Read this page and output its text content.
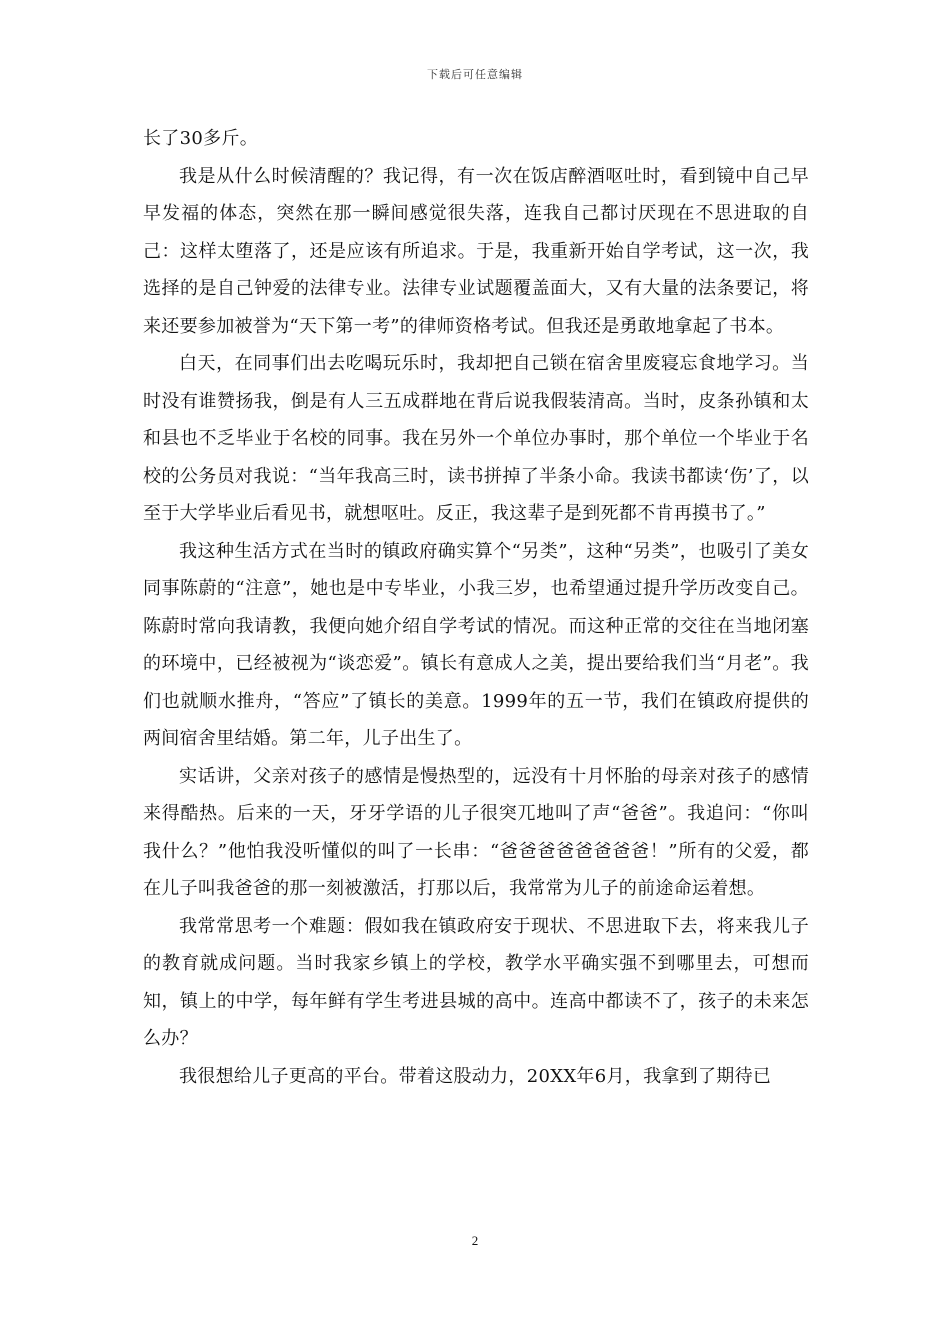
下载后可任意编辑

长了30多斤。

我是从什么时候清醒的？我记得，有一次在饭店醉酒呕吐时，看到镜中自己早早发福的体态，突然在那一瞬间感觉很失落，连我自己都讨厌现在不思进取的自己：这样太堕落了，还是应该有所追求。于是，我重新开始自学考试，这一次，我选择的是自己钟爱的法律专业。法律专业试题覆盖面大，又有大量的法条要记，将来还要参加被誉为“天下第一考”的律师资格考试。但我还是勇敢地拿起了书本。

白天，在同事们出去吃喝玩乐时，我却把自己锁在宿舍里废寝忘食地学习。当时没有谁赞扬我，倒是有人三五成群地在背后说我假装清高。当时，皮条孙镇和太和县也不乏毕业于名校的同事。我在另外一个单位办事时，那个单位一个毕业于名校的公务员对我说：“当年我高三时，读书拼掉了半条小命。我读书都读‘伤’了，以至于大学毕业后看见书，就想呕吐。反正，我这辈子是到死都不肯再摸书了。”

我这种生活方式在当时的镇政府确实算个“另类”，这种“另类”，也吸引了美女同事陈蔚的“注意”，她也是中专毕业，小我三岁，也希望通过提升学历改变自己。陈蔚时常向我请教，我便向她介绍自学考试的情况。而这种正常的交往在当地闭塞的环境中，已经被视为“谈恋爱”。镇长有意成人之美，提出要给我们当“月老”。我们也就顺水推舟，“答应”了镇长的美意。1999年的五一节，我们在镇政府提供的两间宿舍里结婚。第二年，儿子出生了。

实话讲，父亲对孩子的感情是慢热型的，远没有十月怀胎的母亲对孩子的感情来得酷热。后来的一天，牙牙学语的儿子很突兀地叫了声“爸爸”。我追问：“你叫我什么？”他怕我没听懂似的叫了一长串：“爸爸爸爸爸爸爸爸！”所有的父爱，都在儿子叫我爸爸的那一刻被激活，打那以后，我常常为儿子的前途命运着想。

我常常思考一个难题：假如我在镇政府安于现状、不思进取下去，将来我儿子的教育就成问题。当时我家乡镇上的学校，教学水平确实强不到哪里去，可想而知，镇上的中学，每年鲜有学生考进县城的高中。连高中都读不了，孩子的未来怎么办？

我很想给儿子更高的平台。带着这股动力，20XX年6月，我拿到了期待已

2
